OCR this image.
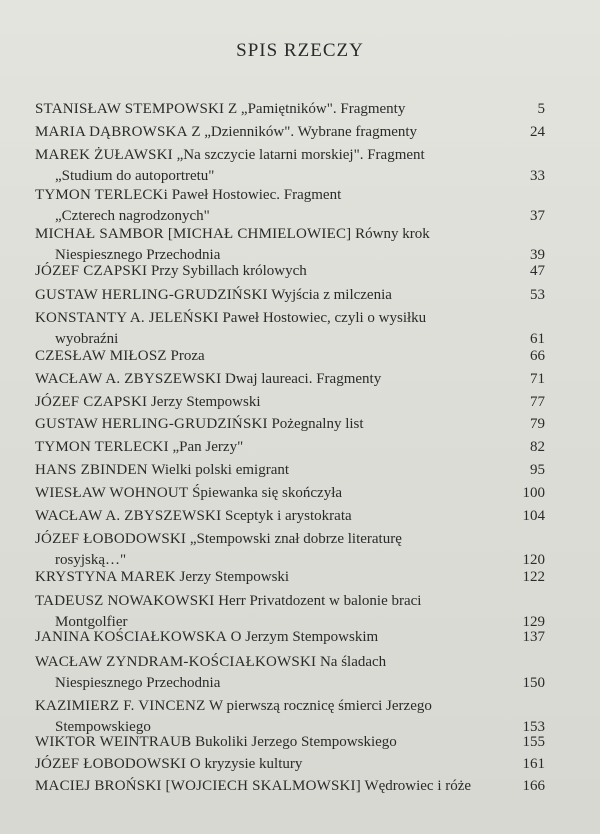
SPIS RZECZY
STANISŁAW STEMPOWSKI Z „Pamiętników". Fragmenty	5
MARIA DĄBROWSKA Z „Dzienników". Wybrane fragmenty	24
MAREK ŻUŁAWSKI „Na szczycie latarni morskiej". Fragment
„Studium do autoportretu"	33
TYMON TERLECKi Paweł Hostowiec. Fragment
„Czterech nagrodzonych"	37
MICHAŁ SAMBOR [MICHAŁ CHMIELOWIEC] Równy krok
Niespiesznego Przechodnia	39
JÓZEF CZAPSKI Przy Sybillach królowych	47
GUSTAW HERLING-GRUDZIŃSKI Wyjścia z milczenia	53
KONSTANTY A. JELEŃSKI Paweł Hostowiec, czyli o wysiłku
wyobraźni	61
CZESŁAW MIŁOSZ Proza	66
WACŁAW A. ZBYSZEWSKI Dwaj laureaci. Fragmenty	71
JÓZEF CZAPSKI Jerzy Stempowski	77
GUSTAW HERLING-GRUDZIŃSKI Pożegnalny list	79
TYMON TERLECKI „Pan Jerzy"	82
HANS ZBINDEN Wielki polski emigrant	95
WIESŁAW WOHNOUT Śpiewanka się skończyła	100
WACŁAW A. ZBYSZEWSKI Sceptyk i arystokrata	104
JÓZEF ŁOBODOWSKI „Stempowski znał dobrze literaturę
rosyjską…"	120
KRYSTYNA MAREK Jerzy Stempowski	122
TADEUSZ NOWAKOWSKI Herr Privatdozent w balonie braci
Montgolfier	129
JANINA KOŚCIAŁKOWSKA O Jerzym Stempowskim	137
WACŁAW ZYNDRAM-KOŚCIAŁKOWSKI Na śladach
Niespiesznego Przechodnia	150
KAZIMIERZ F. VINCENZ W pierwszą rocznicę śmierci Jerzego
Stempowskiego	153
WIKTOR WEINTRAUB Bukoliki Jerzego Stempowskiego	155
JÓZEF ŁOBODOWSKI O kryzysie kultury	161
MACIEJ BROŃSKI [WOJCIECH SKALMOWSKI] Wędrowiec i róże	166
